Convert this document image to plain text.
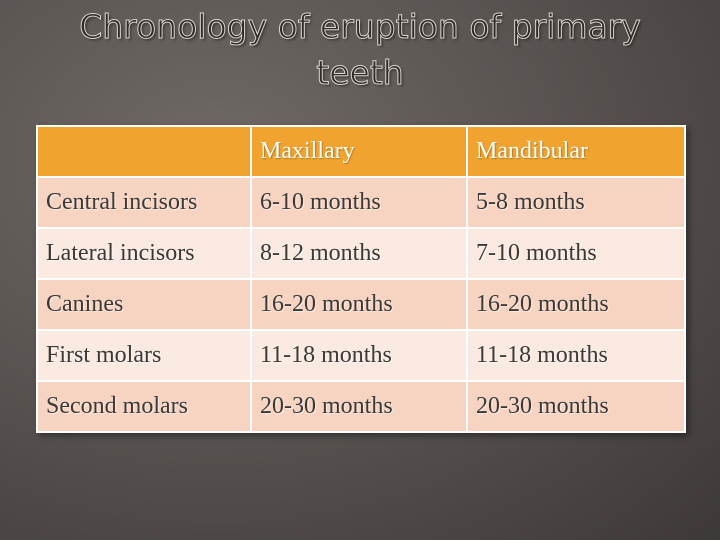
Chronology of eruption of primary
teeth
	Maxillary	Mandibular
Central incisors	6-10 months	5-8 months
Lateral incisors	8-12 months	7-10 months
Canines	16-20 months	16-20 months
First molars	11-18 months	11-18 months
Second molars	20-30 months	20-30 months
